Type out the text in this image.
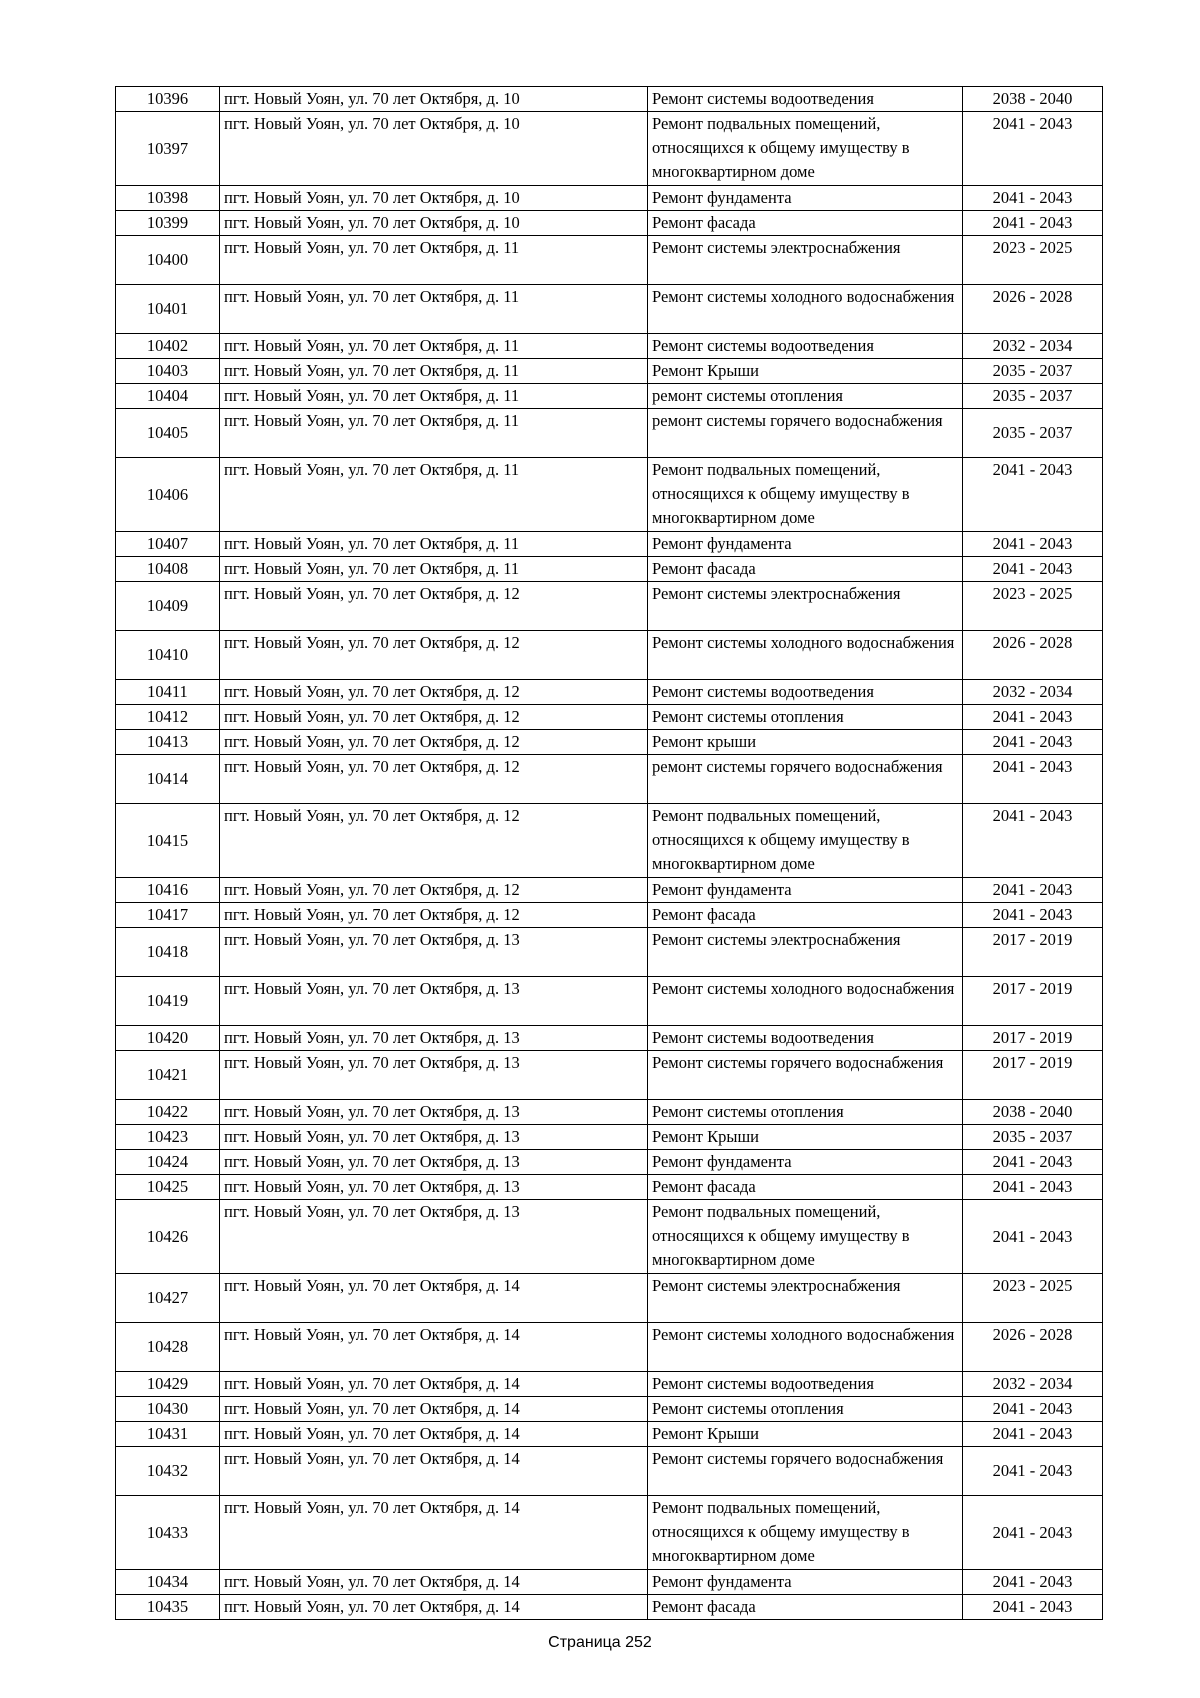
10396	пгт. Новый Уоян, ул. 70 лет Октября, д. 10	Ремонт системы водоотведения	2038 - 2040
10397	пгт. Новый Уоян, ул. 70 лет Октября, д. 10	Ремонт подвальных помещений, относящихся к общему имуществу в многоквартирном доме	2041 - 2043
10398	пгт. Новый Уоян, ул. 70 лет Октября, д. 10	Ремонт фундамента	2041 - 2043
10399	пгт. Новый Уоян, ул. 70 лет Октября, д. 10	Ремонт фасада	2041 - 2043
10400	пгт. Новый Уоян, ул. 70 лет Октября, д. 11	Ремонт системы электроснабжения	2023 - 2025
10401	пгт. Новый Уоян, ул. 70 лет Октября, д. 11	Ремонт системы холодного водоснабжения	2026 - 2028
10402	пгт. Новый Уоян, ул. 70 лет Октября, д. 11	Ремонт системы водоотведения	2032 - 2034
10403	пгт. Новый Уоян, ул. 70 лет Октября, д. 11	Ремонт Крыши	2035 - 2037
10404	пгт. Новый Уоян, ул. 70 лет Октября, д. 11	ремонт системы отопления	2035 - 2037
10405	пгт. Новый Уоян, ул. 70 лет Октября, д. 11	ремонт системы горячего водоснабжения	2035 - 2037
10406	пгт. Новый Уоян, ул. 70 лет Октября, д. 11	Ремонт подвальных помещений, относящихся к общему имуществу в многоквартирном доме	2041 - 2043
10407	пгт. Новый Уоян, ул. 70 лет Октября, д. 11	Ремонт фундамента	2041 - 2043
10408	пгт. Новый Уоян, ул. 70 лет Октября, д. 11	Ремонт фасада	2041 - 2043
10409	пгт. Новый Уоян, ул. 70 лет Октября, д. 12	Ремонт системы электроснабжения	2023 - 2025
10410	пгт. Новый Уоян, ул. 70 лет Октября, д. 12	Ремонт системы холодного водоснабжения	2026 - 2028
10411	пгт. Новый Уоян, ул. 70 лет Октября, д. 12	Ремонт системы водоотведения	2032 - 2034
10412	пгт. Новый Уоян, ул. 70 лет Октября, д. 12	Ремонт системы отопления	2041 - 2043
10413	пгт. Новый Уоян, ул. 70 лет Октября, д. 12	Ремонт крыши	2041 - 2043
10414	пгт. Новый Уоян, ул. 70 лет Октября, д. 12	ремонт системы горячего водоснабжения	2041 - 2043
10415	пгт. Новый Уоян, ул. 70 лет Октября, д. 12	Ремонт подвальных помещений, относящихся к общему имуществу в многоквартирном доме	2041 - 2043
10416	пгт. Новый Уоян, ул. 70 лет Октября, д. 12	Ремонт фундамента	2041 - 2043
10417	пгт. Новый Уоян, ул. 70 лет Октября, д. 12	Ремонт фасада	2041 - 2043
10418	пгт. Новый Уоян, ул. 70 лет Октября, д. 13	Ремонт системы электроснабжения	2017 - 2019
10419	пгт. Новый Уоян, ул. 70 лет Октября, д. 13	Ремонт системы холодного водоснабжения	2017 - 2019
10420	пгт. Новый Уоян, ул. 70 лет Октября, д. 13	Ремонт системы водоотведения	2017 - 2019
10421	пгт. Новый Уоян, ул. 70 лет Октября, д. 13	Ремонт системы горячего водоснабжения	2017 - 2019
10422	пгт. Новый Уоян, ул. 70 лет Октября, д. 13	Ремонт системы отопления	2038 - 2040
10423	пгт. Новый Уоян, ул. 70 лет Октября, д. 13	Ремонт Крыши	2035 - 2037
10424	пгт. Новый Уоян, ул. 70 лет Октября, д. 13	Ремонт фундамента	2041 - 2043
10425	пгт. Новый Уоян, ул. 70 лет Октября, д. 13	Ремонт фасада	2041 - 2043
10426	пгт. Новый Уоян, ул. 70 лет Октября, д. 13	Ремонт подвальных помещений, относящихся к общему имуществу в многоквартирном доме	2041 - 2043
10427	пгт. Новый Уоян, ул. 70 лет Октября, д. 14	Ремонт системы электроснабжения	2023 - 2025
10428	пгт. Новый Уоян, ул. 70 лет Октября, д. 14	Ремонт системы холодного водоснабжения	2026 - 2028
10429	пгт. Новый Уоян, ул. 70 лет Октября, д. 14	Ремонт системы водоотведения	2032 - 2034
10430	пгт. Новый Уоян, ул. 70 лет Октября, д. 14	Ремонт системы отопления	2041 - 2043
10431	пгт. Новый Уоян, ул. 70 лет Октября, д. 14	Ремонт Крыши	2041 - 2043
10432	пгт. Новый Уоян, ул. 70 лет Октября, д. 14	Ремонт системы горячего водоснабжения	2041 - 2043
10433	пгт. Новый Уоян, ул. 70 лет Октября, д. 14	Ремонт подвальных помещений, относящихся к общему имуществу в многоквартирном доме	2041 - 2043
10434	пгт. Новый Уоян, ул. 70 лет Октября, д. 14	Ремонт фундамента	2041 - 2043
10435	пгт. Новый Уоян, ул. 70 лет Октября, д. 14	Ремонт фасада	2041 - 2043
Страница 252
